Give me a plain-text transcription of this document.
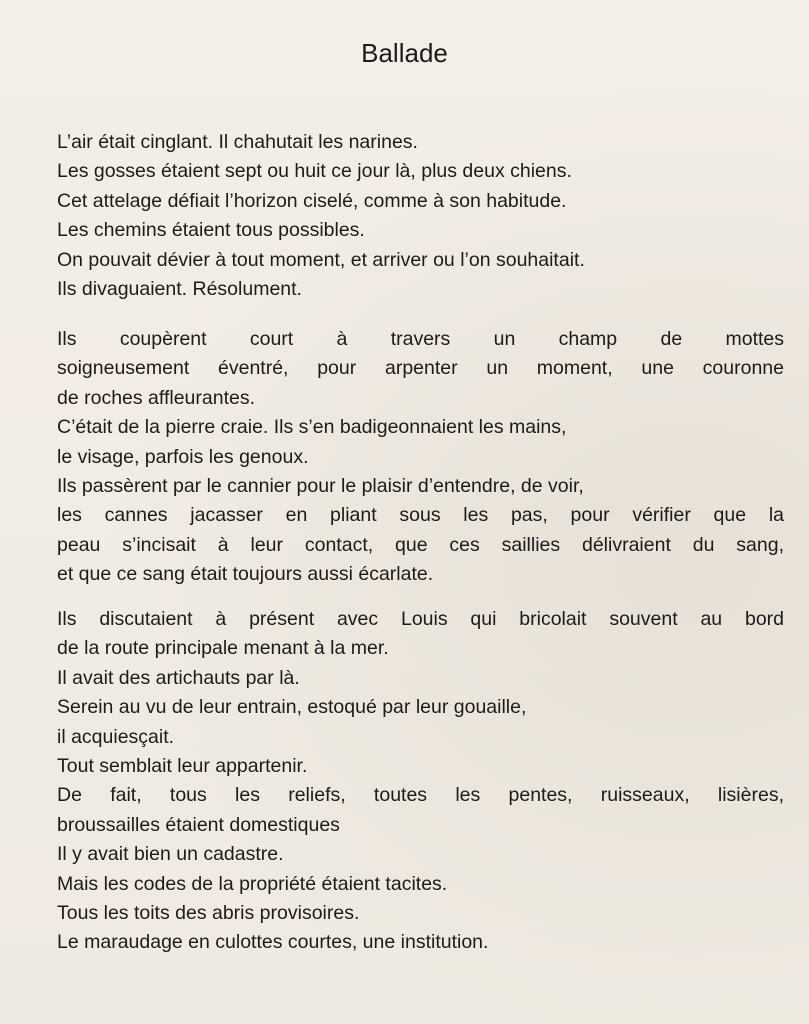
Ballade
L’air était cinglant. Il chahutait les narines.
Les gosses étaient sept ou huit ce jour là, plus deux chiens.
Cet attelage défiait l’horizon ciselé, comme à son habitude.
Les chemins étaient tous possibles.
On pouvait dévier à tout moment, et arriver ou l’on souhaitait.
Ils divaguaient. Résolument.
Ils coupèrent court à travers un champ de mottes
soigneusement éventré, pour arpenter un moment, une couronne
de roches affleurantes.
C’était de la pierre craie. Ils s’en badigeonnaient les mains,
le visage, parfois les genoux.
Ils passèrent par le cannier pour le plaisir d’entendre, de voir,
les cannes jacasser en pliant sous les pas, pour vérifier que la
peau s’incisait à leur contact, que ces saillies délivraient du sang,
et que ce sang était toujours aussi écarlate.
Ils discutaient à présent avec Louis qui bricolait souvent au bord
de la route principale menant à la mer.
Il avait des artichauts par là.
Serein au vu de leur entrain, estoqué par leur gouaille,
il acquiesçait.
Tout semblait leur appartenir.
De fait, tous les reliefs, toutes les pentes, ruisseaux, lisières,
broussailles étaient domestiques
Il y avait bien un cadastre.
Mais les codes de la propriété étaient tacites.
Tous les toits des abris provisoires.
Le maraudage en culottes courtes, une institution.
